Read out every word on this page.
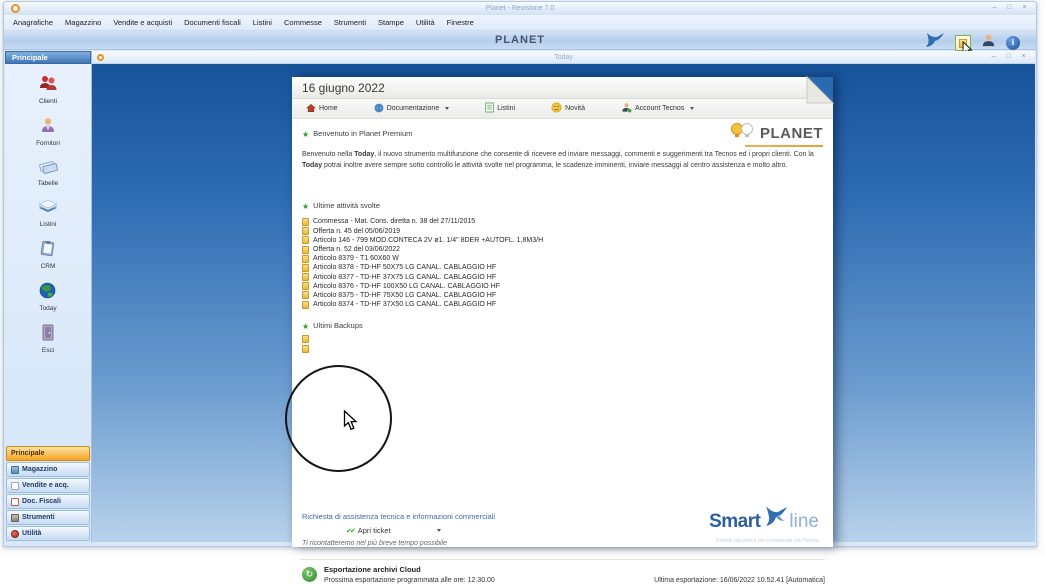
Planet - Revisione 7.0
–
□
×
Anagrafiche	Magazzino	Vendite e acquisti	Documenti fiscali	Listini	Commesse	Strumenti	Stampe	Utilità	Finestre
PLANET
i
Principale
Clienti
Fornitori
Tabelle
Listini
CRM
Today
Esci
Principale
Magazzino
Vendite e acq.
Doc. Fiscali
Strumenti
Utilità
Today
–
□
×
16 giugno 2022
Home	Documentazione	Listini	Novità	Account Tecnos
★
Benvenuto in Planet Premium	PLANET
Benvenuto nella Today, il nuovo strumento multifunzione che consente di ricevere ed inviare messaggi, commenti e suggerimenti tra Tecnos ed i propri clienti. Con la Today potrai inoltre avere sempre sotto controllo le attività svolte nel programma, le scadenze imminenti, inviare messaggi al centro assistenza e molto altro.
★
Ultime attività svolte
Commessa - Mat. Cons. diretta n. 38 del 27/11/2015
Offerta n. 45 del 05/06/2019
Articolo 146 - 799 MOD.CONTECA 2V ø1. 1/4" 8DER +AUTOFL. 1,8M3/H
Offerta n. 52 del 03/06/2022
Articolo 8379 - T1 60X60 W
Articolo 8378 - TD-HF 50X75 LG CANAL. CABLAGGIO HF
Articolo 8377 - TD-HF 37X75 LG CANAL. CABLAGGIO HF
Articolo 8376 - TD-HF 100X50 LG CANAL. CABLAGGIO HF
Articolo 8375 - TD-HF 75X50 LG CANAL. CABLAGGIO HF
Articolo 8374 - TD-HF 37X50 LG CANAL. CABLAGGIO HF
★
Ultimi Backups
Richiesta di assistenza tecnica e informazioni commerciali
✔✔
Apri ticket
Ti ricontatteremo nel più breve tempo possibile
Smart line
Il modo più veloce per comunicare con Tecnos
↻
Esportazione archivi Cloud
Prossima esportazione programmata alle ore: 12.30.00	Ultima esportazione: 16/06/2022 10.52.41 [Automatica]
